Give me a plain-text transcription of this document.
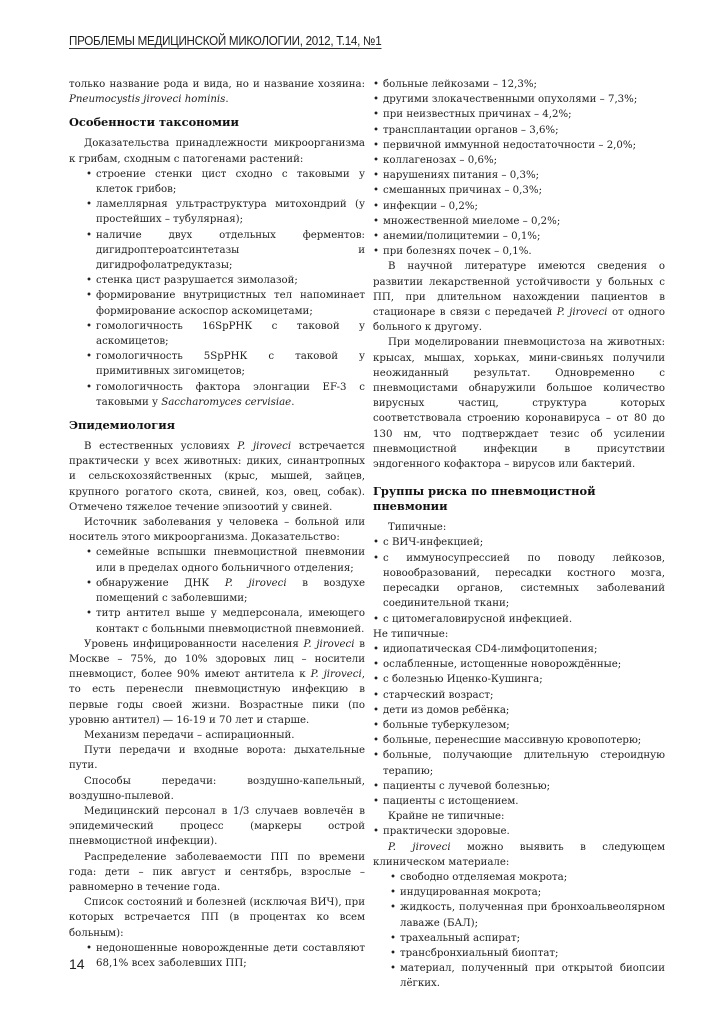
ПРОБЛЕМЫ МЕДИЦИНСКОЙ МИКОЛОГИИ, 2012, Т.14, №1

только название рода и вида, но и название хозяина: Pneumocystis jiroveci hominis.

Особенности таксономии

Доказательства принадлежности микроорганизма к грибам, сходным с патогенами растений:

• строение стенки цист сходно с таковыми у клеток грибов;
• ламеллярная ультраструктура митохондрий (у простейших – тубулярная);
• наличие двух отдельных ферментов: дигидроптероатсинтетазы и дигидрофолатредуктазы;
• стенка цист разрушается зимолазой;
• формирование внутрицистных тел напоминает формирование аскоспор аскомицетами;
• гомологичность 16SрРНК с таковой у аскомицетов;
• гомологичность 5SрРНК с таковой у примитивных зигомицетов;
• гомологичность фактора элонгации EF-3 с таковыми у Saccharomyces cervisiae.
Эпидемиология

В естественных условиях P. jiroveci встречается практически у всех животных: диких, синантропных и сельскохозяйственных (крыс, мышей, зайцев, крупного рогатого скота, свиней, коз, овец, собак). Отмечено тяжелое течение эпизоотий у свиней.

Источник заболевания у человека – больной или носитель этого микроорганизма. Доказательство:

• семейные вспышки пневмоцистной пневмонии или в пределах одного больничного отделения;
• обнаружение ДНК P. jiroveci в воздухе помещений с заболевшими;
• титр антител выше у медперсонала, имеющего контакт с больными пневмоцистной пневмонией.

Уровень инфицированности населения P. jiroveci в Москве – 75%, до 10% здоровых лиц – носители пневмоцист, более 90% имеют антитела к P. jiroveci, то есть перенесли пневмоцистную инфекцию в первые годы своей жизни. Возрастные пики (по уровню антител) — 16-19 и 70 лет и старше.

Механизм передачи – аспирационный.

Пути передачи и входные ворота: дыхательные пути.

Способы передачи: воздушно-капельный, воздушно-пылевой.

Медицинский персонал в 1/3 случаев вовлечён в эпидемический процесс (маркеры острой пневмоцистной инфекции).

Распределение заболеваемости ПП по времени года: дети – пик август и сентябрь, взрослые – равномерно в течение года.

Список состояний и болезней (исключая ВИЧ), при которых встречается ПП (в процентах ко всем больным):

• недоношенные новорожденные дети составляют 68,1% всех заболевших ПП;
• больные лейкозами – 12,3%;
• другими злокачественными опухолями – 7,3%;
• при неизвестных причинах – 4,2%;
• трансплантации органов – 3,6%;
• первичной иммунной недостаточности – 2,0%;
• коллагенозах – 0,6%;
• нарушениях питания – 0,3%;
• смешанных причинах – 0,3%;
• инфекции – 0,2%;
• множественной миеломе – 0,2%;
• анемии/полицитемии – 0,1%;
• при болезнях почек – 0,1%.

В научной литературе имеются сведения о развитии лекарственной устойчивости у больных с ПП, при длительном нахождении пациентов в стационаре в связи с передачей P. jiroveci от одного больного к другому.

При моделировании пневмоцистоза на животных: крысах, мышах, хорьках, мини-свиньях получили неожиданный результат. Одновременно с пневмоцистами обнаружили большое количество вирусных частиц, структура которых соответствовала строению коронавируса – от 80 до 130 нм, что подтверждает тезис об усилении пневмоцистной инфекции в присутствии эндогенного кофактора – вирусов или бактерий.

Группы риска по пневмоцистной пневмонии

Типичные:

• с ВИЧ-инфекцией;
• с иммуносупрессией по поводу лейкозов, новообразований, пересадки костного мозга, пересадки органов, системных заболеваний соединительной ткани;
• с цитомегаловирусной инфекцией.

Не типичные:

• идиопатическая CD4-лимфоцитопения;
• ослабленные, истощенные новорождённые;
• с болезнью Иценко-Кушинга;
• старческий возраст;
• дети из домов ребёнка;
• больные туберкулезом;
• больные, перенесшие массивную кровопотерю;
• больные, получающие длительную стероидную терапию;
• пациенты с лучевой болезнью;
• пациенты с истощением.

Крайне не типичные:

• практически здоровые.

P. jiroveci можно выявить в следующем клиническом материале:

• свободно отделяемая мокрота;
• индуцированная мокрота;
• жидкость, полученная при бронхоальвеолярном лаваже (БАЛ);
• трахеальный аспират;
• трансбронхиальный биоптат;
• материал, полученный при открытой биопсии лёгких.
14
